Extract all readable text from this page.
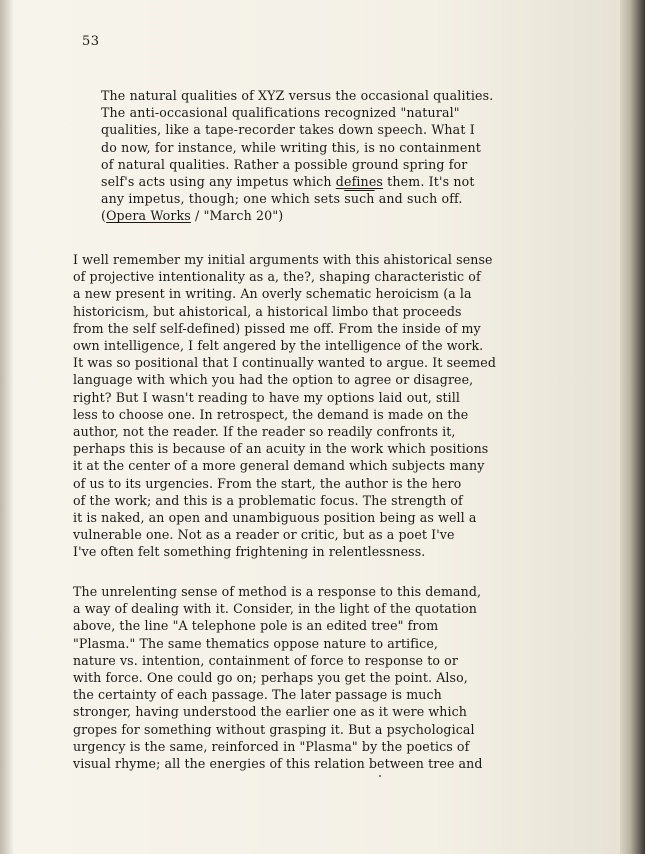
53
The natural qualities of XYZ versus the occasional qualities.
The anti-occasional qualifications recognized "natural"
qualities, like a tape-recorder takes down speech. What I
do now, for instance, while writing this, is no containment
of natural qualities. Rather a possible ground spring for
self's acts using any impetus which defines them. It's not
any impetus, though; one which sets such and such off.
(Opera Works / "March 20")
I well remember my initial arguments with this ahistorical sense
of projective intentionality as a, the?, shaping characteristic of
a new present in writing. An overly schematic heroicism (a la
historicism, but ahistorical, a historical limbo that proceeds
from the self self-defined) pissed me off. From the inside of my
own intelligence, I felt angered by the intelligence of the work.
It was so positional that I continually wanted to argue. It seemed
language with which you had the option to agree or disagree,
right? But I wasn't reading to have my options laid out, still
less to choose one. In retrospect, the demand is made on the
author, not the reader. If the reader so readily confronts it,
perhaps this is because of an acuity in the work which positions
it at the center of a more general demand which subjects many
of us to its urgencies. From the start, the author is the hero
of the work; and this is a problematic focus. The strength of
it is naked, an open and unambiguous position being as well a
vulnerable one. Not as a reader or critic, but as a poet I've
I've often felt something frightening in relentlessness.
The unrelenting sense of method is a response to this demand,
a way of dealing with it. Consider, in the light of the quotation
above, the line "A telephone pole is an edited tree" from
"Plasma." The same thematics oppose nature to artifice,
nature vs. intention, containment of force to response to or
with force. One could go on; perhaps you get the point. Also,
the certainty of each passage. The later passage is much
stronger, having understood the earlier one as it were which
gropes for something without grasping it. But a psychological
urgency is the same, reinforced in "Plasma" by the poetics of
visual rhyme; all the energies of this relation between tree and
